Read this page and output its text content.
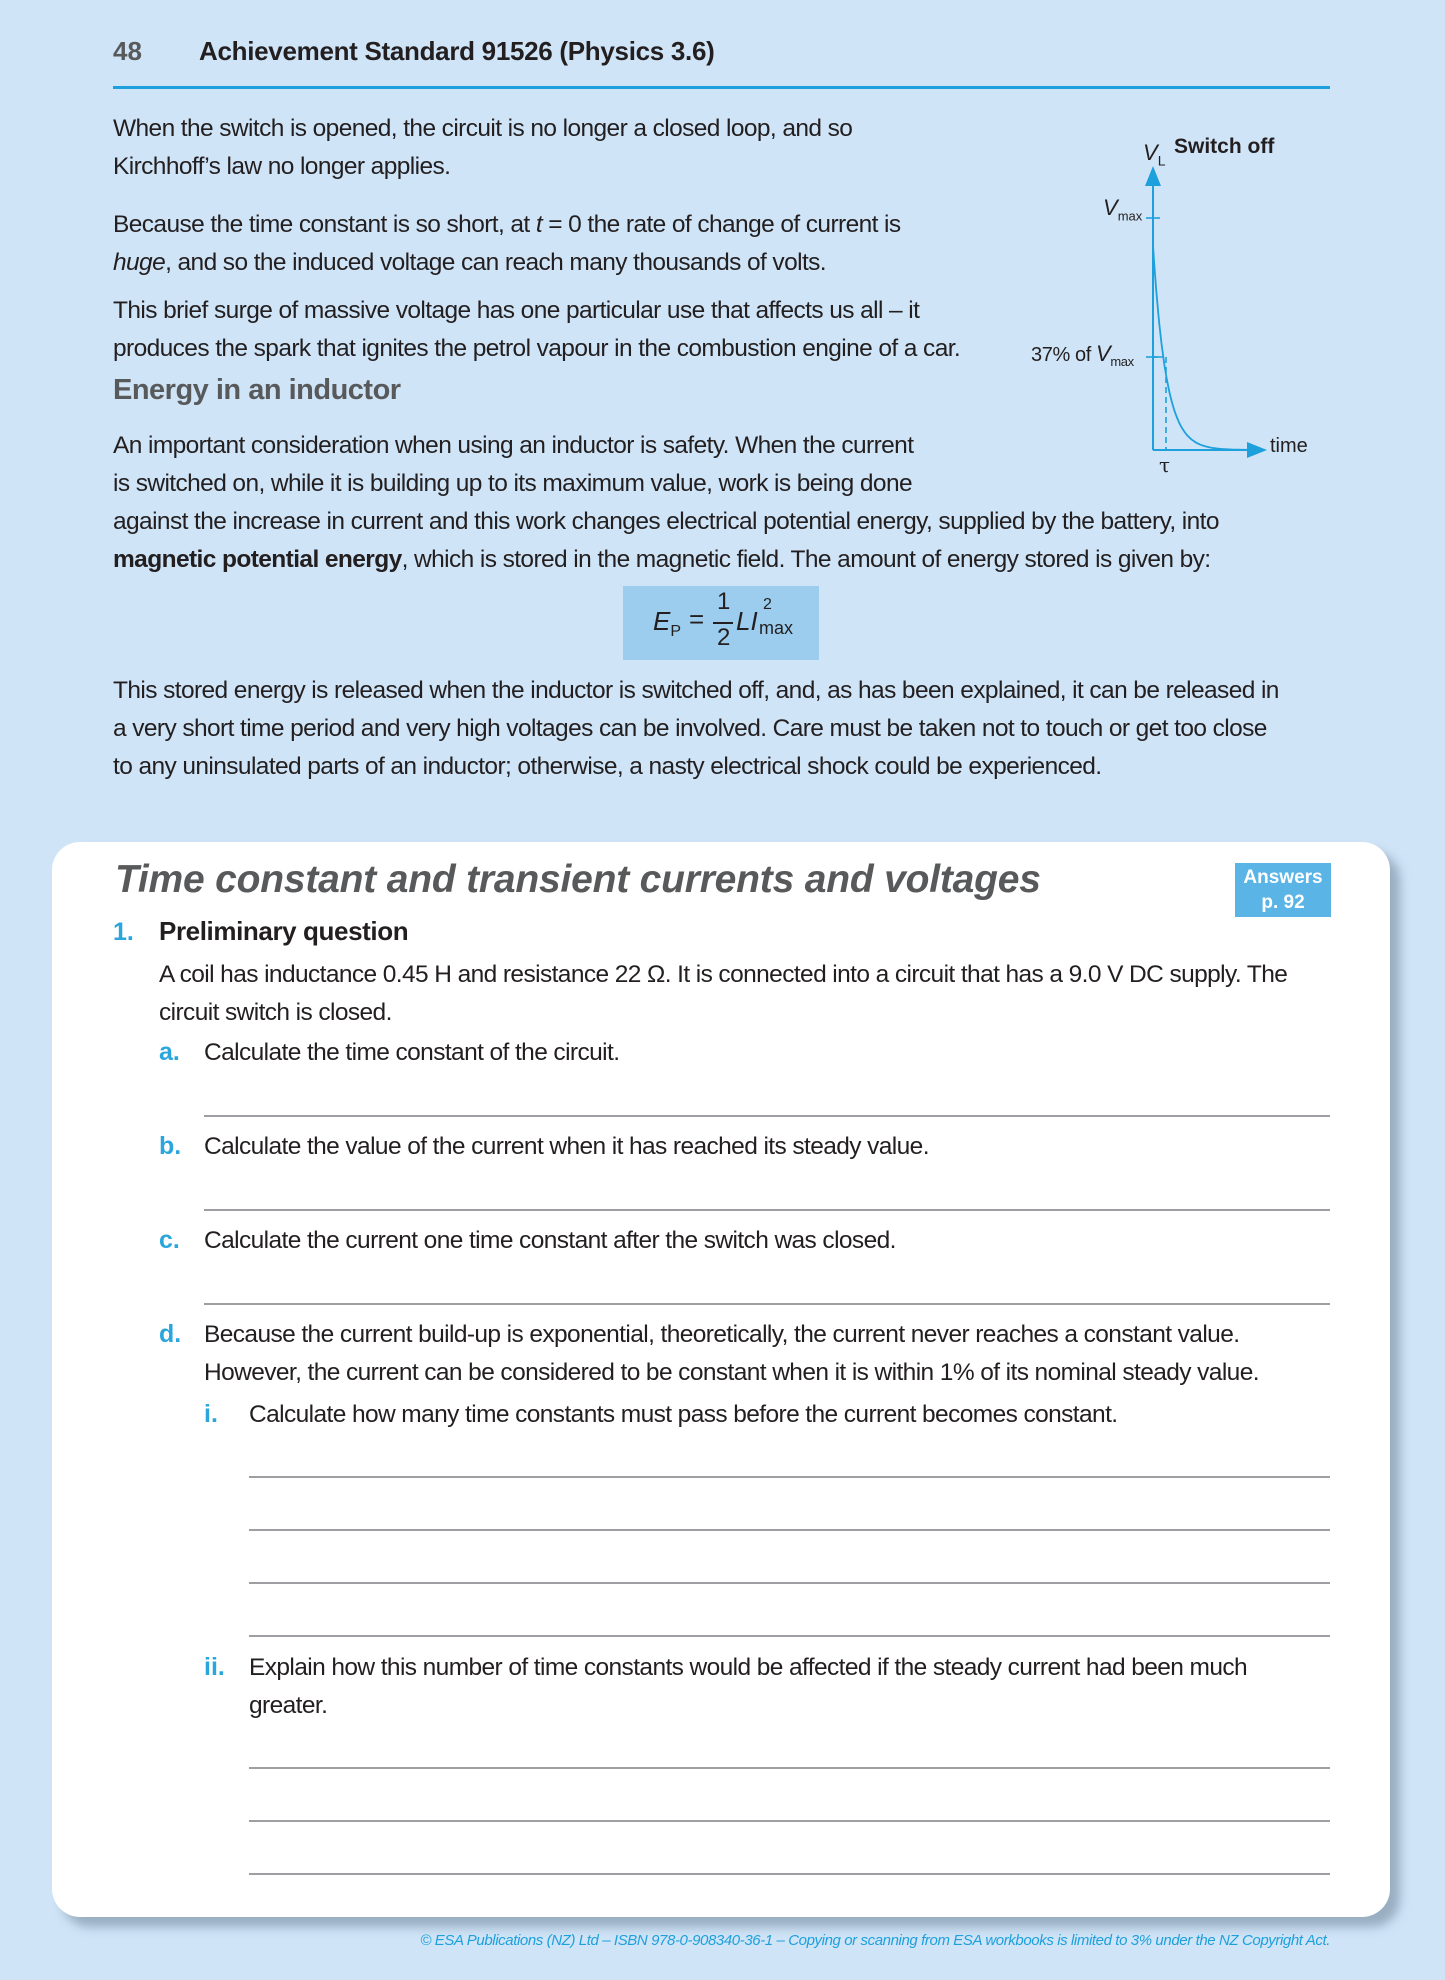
48 Achievement Standard 91526 (Physics 3.6)
When the switch is opened, the circuit is no longer a closed loop, and so
Kirchhoff’s law no longer applies.
Because the time constant is so short, at t = 0 the rate of change of current is
huge, and so the induced voltage can reach many thousands of volts.
This brief surge of massive voltage has one particular use that affects us all – it
produces the spark that ignites the petrol vapour in the combustion engine of a car.
$V_L$
Switch off
$V_{max}$
37% of $V_{max}$
time
τ
Energy in an inductor
An important consideration when using an inductor is safety. When the current
is switched on, while it is building up to its maximum value, work is being done
against the increase in current and this work changes electrical potential energy, supplied by the battery, into
magnetic potential energy, which is stored in the magnetic field. The amount of energy stored is given by:
$E_P$ =
1
2
LI
2
max
This stored energy is released when the inductor is switched off, and, as has been explained, it can be released in
a very short time period and very high voltages can be involved. Care must be taken not to touch or get too close
to any uninsulated parts of an inductor; otherwise, a nasty electrical shock could be experienced.
Time constant and transient currents and voltages	Answers
p. 92
1. Preliminary question
A coil has inductance 0.45 H and resistance 22 Ω. It is connected into a circuit that has a 9.0 V DC supply. The
circuit switch is closed.
a. Calculate the time constant of the circuit.
b. Calculate the value of the current when it has reached its steady value.
c. Calculate the current one time constant after the switch was closed.
d. Because the current build-up is exponential, theoretically, the current never reaches a constant value.
However, the current can be considered to be constant when it is within 1% of its nominal steady value.
i. Calculate how many time constants must pass before the current becomes constant.
ii. Explain how this number of time constants would be affected if the steady current had been much
greater.
© ESA Publications (NZ) Ltd – ISBN 978-0-908340-36-1 – Copying or scanning from ESA workbooks is limited to 3% under the NZ Copyright Act.
